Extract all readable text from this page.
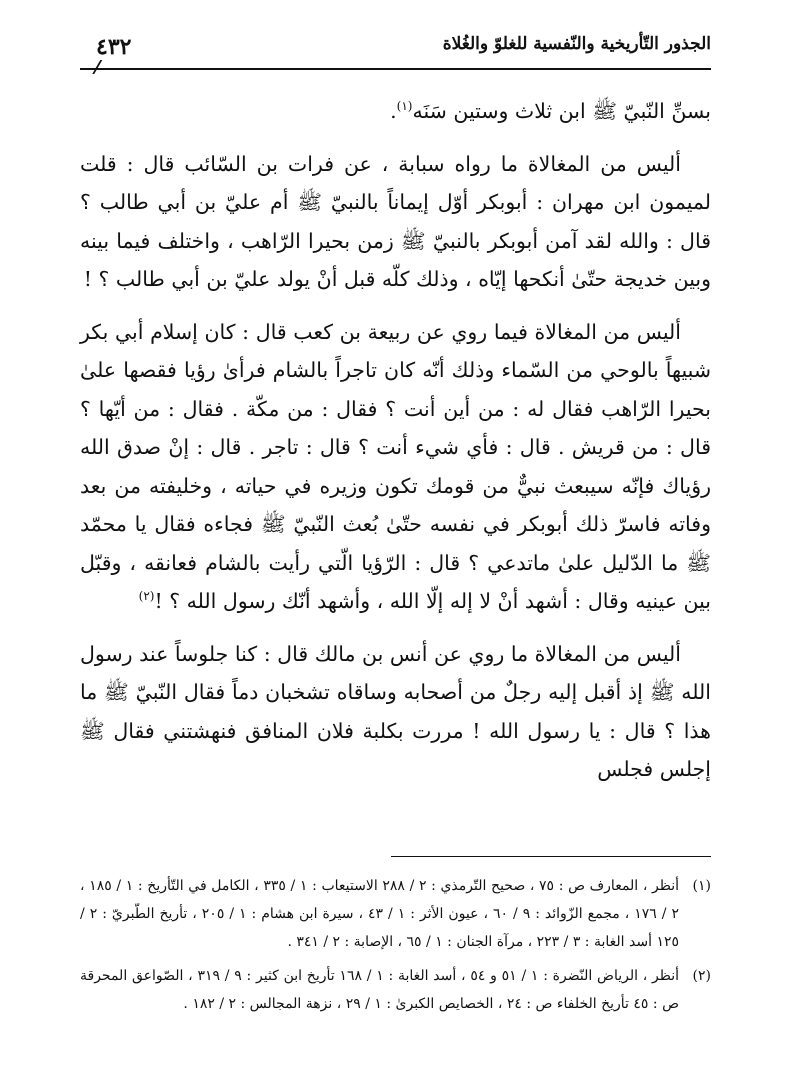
الجذور التّأريخية والنّفسية للغلوّ والغُلاة
٤٣٢

بسنِّ النّبيّ ﷺ ابن ثلاث وستين سَنَه$^{(١)}$.

أليس من المغالاة ما رواه سبابة ، عن فرات بن السّائب قال : قلت لميمون ابن مهران : أبوبكر أوّل إيماناً بالنبيّ ﷺ أم عليّ بن أبي طالب ؟ قال : والله لقد آمن أبوبكر بالنبيّ ﷺ زمن بحيرا الرّاهب ، واختلف فيما بينه وبين خديجة حتّىٰ أنكحها إيّاه ، وذلك كلّه قبل أنْ يولد عليّ بن أبي طالب ؟ !

أليس من المغالاة فيما روي عن ربيعة بن كعب قال : كان إسلام أبي بكر شبيهاً بالوحي من السّماء وذلك أنّه كان تاجراً بالشام فرأىٰ رؤيا فقصها علىٰ بحيرا الرّاهب فقال له : من أين أنت ؟ فقال : من مكّة . فقال : من أيّها ؟ قال : من قريش . قال : فأي شيء أنت ؟ قال : تاجر . قال : إنْ صدق الله رؤياك فإنّه سيبعث نبيٌّ من قومك تكون وزيره في حياته ، وخليفته من بعد وفاته فاسرّ ذلك أبوبكر في نفسه حتّىٰ بُعث النّبيّ ﷺ فجاءه فقال يا محمّد ﷺ ما الدّليل علىٰ ماتدعي ؟ قال : الرّؤيا الّتي رأيت بالشام فعانقه ، وقبّل بين عينيه وقال : أشهد أنْ لا إله إلّا الله ، وأشهد أنّك رسول الله ؟ !$^{(٢)}$

أليس من المغالاة ما روي عن أنس بن مالك قال : كنا جلوساً عند رسول الله ﷺ إذ أقبل إليه رجلٌ من أصحابه وساقاه تشخبان دماً فقال النّبيّ ﷺ ما هذا ؟ قال : يا رسول الله ! مررت بكلبة فلان المنافق فنهشتني فقال ﷺ إجلس فجلس

(١)
أنظر ، المعارف ص : ٧٥ ، صحيح التّرمذي : ٢ / ٢٨٨ الاستيعاب : ١ / ٣٣٥ ، الكامل في التّأريخ : ١ / ١٨٥ ، ٢ / ١٧٦ ، مجمع الزّوائد : ٩ / ٦٠ ، عيون الأثر : ١ / ٤٣ ، سيرة ابن هشام : ١ / ٢٠٥ ، تأريخ الطّبريّ : ٢ / ١٢٥ أسد الغابة : ٣ / ٢٢٣ ، مرآة الجنان : ١ / ٦٥ ، الإصابة : ٢ / ٣٤١ .
(٢)
أنظر ، الرياض النّضرة : ١ / ٥١ و ٥٤ ، أسد الغابة : ١ / ١٦٨ تأريخ ابن كثير : ٩ / ٣١٩ ، الصّواعق المحرقة ص : ٤٥ تأريخ الخلفاء ص : ٢٤ ، الخصايص الكبرىٰ : ١ / ٢٩ ، نزهة المجالس : ٢ / ١٨٢ .
